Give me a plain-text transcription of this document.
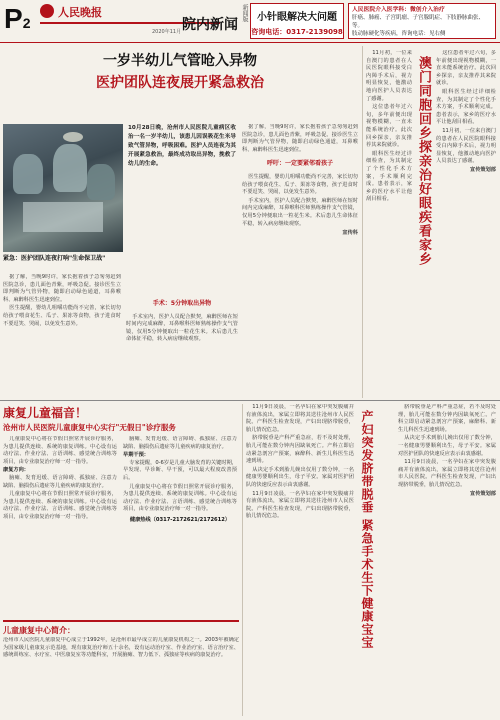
P2
人民晚报
2020年11月 院内新闻
新闻版 小针眼解决大问题
咨询电话：0317-2139098
人民医院介入医学科：微创介入治疗
肝癌、肺癌、子宫肌瘤、子宫腺肌症、下肢静脉曲张、等。
肢动脉硬化等疾病，咨询电话：见右侧
一岁半幼儿气管呛入异物
医护团队连夜展开紧急救治
紧急：医护团队连夜打响"生命保卫战"
10月28日晚，沧州市人民医院儿童病区收治一名一岁半幼儿，该患儿因误吸花生米导致气管异物，呼吸困难。医护人员连夜为其开展紧急救治，最终成功取出异物，挽救了幼儿的生命。

据了解，当晚9时许，家长抱着孩子急匆匆赶到医院急诊，患儿面色青紫，呼吸急促。接诊医生立即判断为气管异物，随即启动绿色通道，耳鼻喉科、麻醉科医生迅速到位。

医生提醒，婴幼儿咀嚼功能尚不完善，家长切勿给孩子喂食花生、瓜子、果冻等食物，孩子进食时不要逗笑、哭闹，以免发生意外。

手术：5分钟取出异物

手术室内，医护人员配合默契，麻醉医师在短时间内完成麻醉，耳鼻喉科医师熟练操作支气管镜，仅用5分钟便取出一粒花生米。术后患儿生命体征平稳，转入病房继续观察。

据了解，当晚9时许，家长抱着孩子急匆匆赶到医院急诊，患儿面色青紫，呼吸急促。接诊医生立即判断为气管异物，随即启动绿色通道，耳鼻喉科、麻醉科医生迅速到位。

呼吁：一定要紧邻看孩子

医生提醒，婴幼儿咀嚼功能尚不完善，家长切勿给孩子喂食花生、瓜子、果冻等食物，孩子进食时不要逗笑、哭闹，以免发生意外。

手术室内，医护人员配合默契，麻醉医师在短时间内完成麻醉，耳鼻喉科医师熟练操作支气管镜，仅用5分钟便取出一粒花生米。术后患儿生命体征平稳，转入病房继续观察。

宣传科	澳门同胞回乡探亲治好眼疾看家乡

11月初，一位来自澳门的患者在人民医院眼科接受白内障手术后，视力明显恢复，他激动地向医护人员表达了感谢。

这位患者年过六旬，多年前便出现视物模糊，一直未能系统治疗。此次回乡探亲，亲友推荐其来院就诊。

眼科医生经过详细检查，为其制定了个性化手术方案，手术顺利完成。患者表示，家乡的医疗水平让他刮目相看。

这位患者年过六旬，多年前便出现视物模糊，一直未能系统治疗。此次回乡探亲，亲友推荐其来院就诊。

眼科医生经过详细检查，为其制定了个性化手术方案，手术顺利完成。患者表示，家乡的医疗水平让他刮目相看。

11月初，一位来自澳门的患者在人民医院眼科接受白内障手术后，视力明显恢复，他激动地向医护人员表达了感谢。

宣传策划部
康复儿童福音！
沧州市人民医院儿童康复中心实行"无假日"诊疗服务

儿童康复中心将在节假日照常开展诊疗服务，为患儿提供连续、系统的康复训练。中心设有运动疗法、作业疗法、言语训练、感觉统合训练等项目，由专业康复治疗师一对一指导。

康复方向：

脑瘫、发育迟缓、语言障碍、孤独症、注意力缺陷、脑损伤后遗症等儿童疾病的康复治疗。

儿童康复中心将在节假日照常开展诊疗服务，为患儿提供连续、系统的康复训练。中心设有运动疗法、作业疗法、言语训练、感觉统合训练等项目，由专业康复治疗师一对一指导。

脑瘫、发育迟缓、语言障碍、孤独症、注意力缺陷、脑损伤后遗症等儿童疾病的康复治疗。

早期干预：

专家提醒，0-6岁是儿童大脑发育的关键时期，早发现、早诊断、早干预，可以最大程度改善预后。

儿童康复中心将在节假日照常开展诊疗服务，为患儿提供连续、系统的康复训练。中心设有运动疗法、作业疗法、言语训练、感觉统合训练等项目，由专业康复治疗师一对一指导。

健康热线（0317-2172621/2172612）
儿童康复中心简介：
沧州市人民医院儿童康复中心成立于1992年，是沧州市最早成立的儿童康复机构之一。2003年被确定为国家级儿童康复示范基地，现有康复治疗师五十余名，设有运动治疗室、作业治疗室、语言治疗室、感统训练室、水疗室、中医康复室等功能科室，开展脑瘫、智力低下、孤独症等疾病的康复治疗。

11月9日凌晨，一名孕妇在家中突发腹痛并有液体流出，家属立即将其送往沧州市人民医院。产科医生检查发现，产妇出现脐带脱垂，胎儿情况危急。

脐带脱垂是产科严重急症，若不及时处理，胎儿可能在数分钟内因缺氧死亡。产科立即启动紧急剖宫产预案，麻醉科、新生儿科医生迅速到场。

从决定手术到胎儿娩出仅用了数分钟，一名健康男婴顺利出生，母子平安。家属对医护团队的快速反应表示由衷感谢。

11月9日凌晨，一名孕妇在家中突发腹痛并有液体流出，家属立即将其送往沧州市人民医院。产科医生检查发现，产妇出现脐带脱垂，胎儿情况危急。	产妇突发脐带脱垂 紧急手术生下健康宝宝

脐带脱垂是产科严重急症，若不及时处理，胎儿可能在数分钟内因缺氧死亡。产科立即启动紧急剖宫产预案，麻醉科、新生儿科医生迅速到场。

从决定手术到胎儿娩出仅用了数分钟，一名健康男婴顺利出生，母子平安。家属对医护团队的快速反应表示由衷感谢。

11月9日凌晨，一名孕妇在家中突发腹痛并有液体流出，家属立即将其送往沧州市人民医院。产科医生检查发现，产妇出现脐带脱垂，胎儿情况危急。

宣传策划部
